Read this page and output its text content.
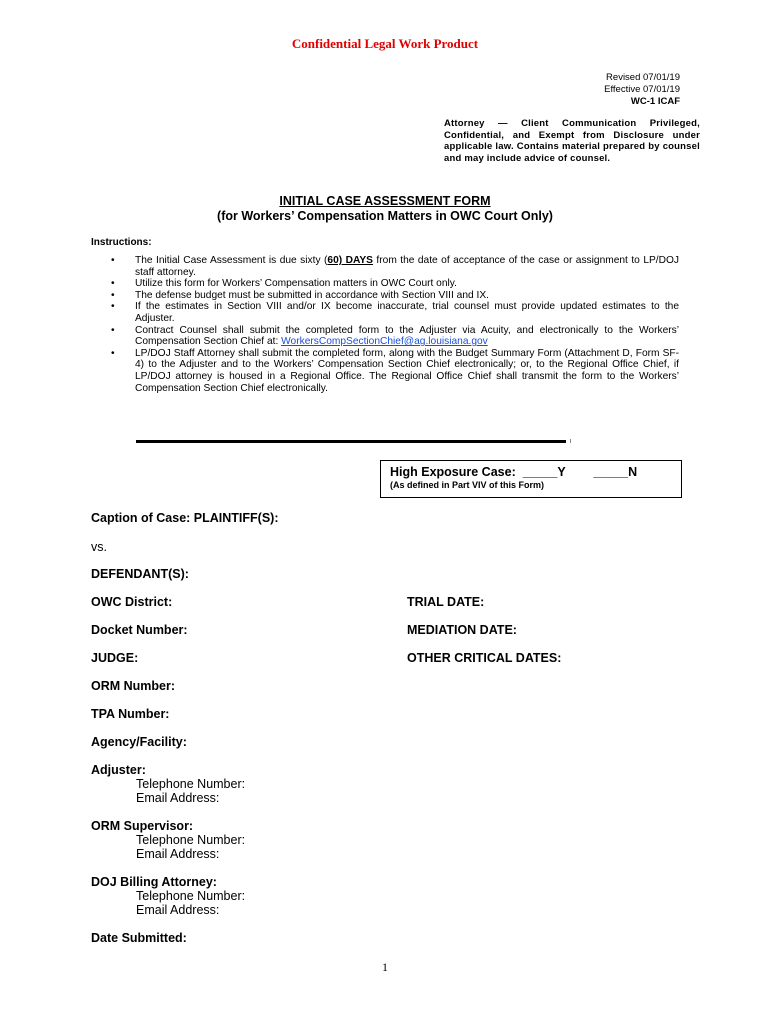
Confidential Legal Work Product
Revised 07/01/19
Effective 07/01/19
WC-1 ICAF
Attorney — Client Communication Privileged, Confidential, and Exempt from Disclosure under applicable law. Contains material prepared by counsel and may include advice of counsel.
INITIAL CASE ASSESSMENT FORM
(for Workers’ Compensation Matters in OWC Court Only)
Instructions:
• The Initial Case Assessment is due sixty (60) DAYS from the date of acceptance of the case or assignment to LP/DOJ staff attorney.
• Utilize this form for Workers’ Compensation matters in OWC Court only.
• The defense budget must be submitted in accordance with Section VIII and IX.
• If the estimates in Section VIII and/or IX become inaccurate, trial counsel must provide updated estimates to the Adjuster.
• Contract Counsel shall submit the completed form to the Adjuster via Acuity, and electronically to the Workers’ Compensation Section Chief at: WorkersCompSectionChief@ag.louisiana.gov
• LP/DOJ Staff Attorney shall submit the completed form, along with the Budget Summary Form (Attachment D, Form SF-4) to the Adjuster and to the Workers’ Compensation Section Chief electronically; or, to the Regional Office Chief, if LP/DOJ attorney is housed in a Regional Office. The Regional Office Chief shall transmit the form to the Workers’ Compensation Section Chief electronically.
High Exposure Case:  _____Y        _____N
(As defined in Part VIV of this Form)
Caption of Case: PLAINTIFF(S):
vs.
DEFENDANT(S):
OWC District:	TRIAL DATE:
Docket Number:	MEDIATION DATE:
JUDGE:	OTHER CRITICAL DATES:
ORM Number:
TPA Number:
Agency/Facility:
Adjuster:
Telephone Number:
Email Address:
ORM Supervisor:
Telephone Number:
Email Address:
DOJ Billing Attorney:
Telephone Number:
Email Address:
Date Submitted:
1
